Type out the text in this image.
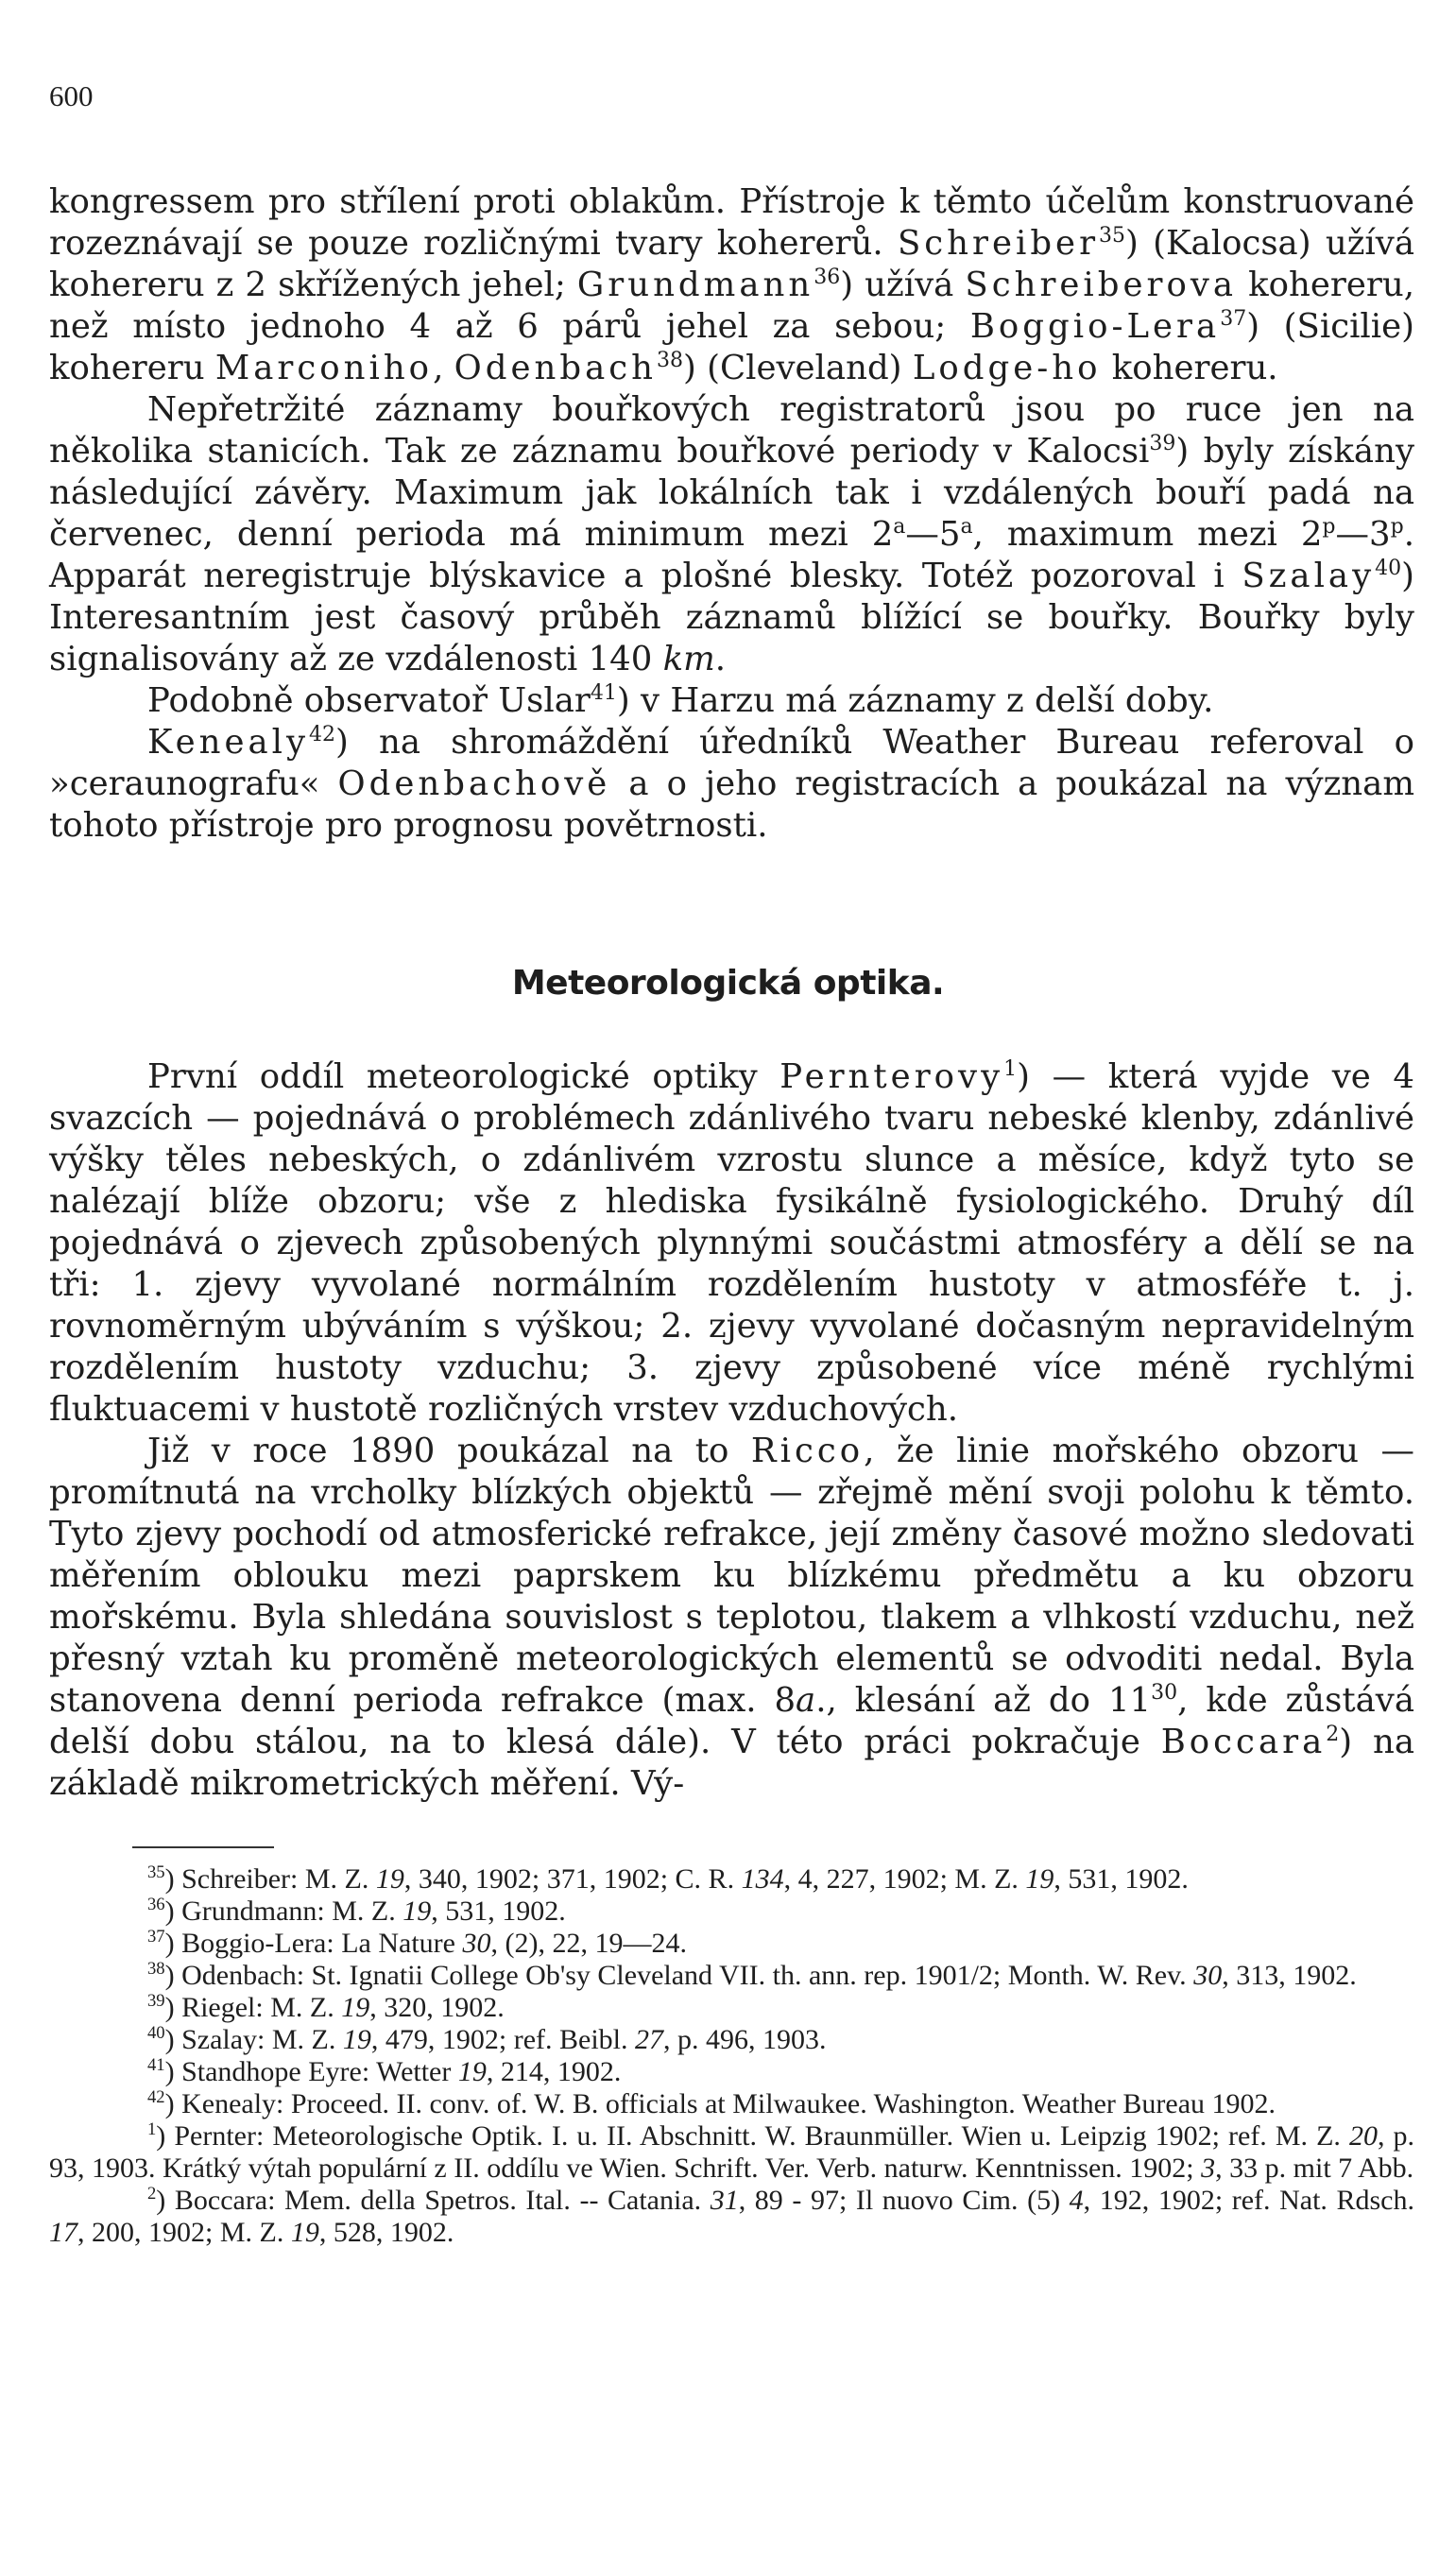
600

kongressem pro střílení proti oblakům. Přístroje k těmto účelům konstruované rozeznávají se pouze rozličnými tvary kohererů. Schreiber$^{35}$) (Kalocsa) užívá kohereru z 2 skřížených jehel; Grundmann$^{36}$) užívá Schreiberova kohereru, než místo jednoho 4 až 6 párů jehel za sebou; Boggio-Lera$^{37}$) (Sicilie) kohereru Marconiho, Odenbach$^{38}$) (Cleveland) Lodge-ho kohereru.

Nepřetržité záznamy bouřkových registratorů jsou po ruce jen na několika stanicích. Tak ze záznamu bouřkové periody v Kalocsi$^{39}$) byly získány následující závěry. Maximum jak lokálních tak i vzdálených bouří padá na červenec, denní perioda má minimum mezi 2$^a$—5$^a$, maximum mezi 2$^p$—3$^p$. Apparát neregistruje blýskavice a plošné blesky. Totéž pozoroval i Szalay$^{40}$) Interesantním jest časový průběh záznamů blížící se bouřky. Bouřky byly signalisovány až ze vzdálenosti 140 km.

Podobně observatoř Uslar$^{41}$) v Harzu má záznamy z delší doby.

Kenealy$^{42}$) na shromáždění úředníků Weather Bureau referoval o »ceraunografu« Odenbachově a o jeho registracích a poukázal na význam tohoto přístroje pro prognosu povětrnosti.

Meteorologická optika.

První oddíl meteorologické optiky Pernterovy$^1$) — která vyjde ve 4 svazcích — pojednává o problémech zdánlivého tvaru nebeské klenby, zdánlivé výšky těles nebeských, o zdánlivém vzrostu slunce a měsíce, když tyto se nalézají blíže obzoru; vše z hlediska fysikálně fysiologického. Druhý díl pojednává o zjevech způsobených plynnými součástmi atmosféry a dělí se na tři: 1. zjevy vyvolané normálním rozdělením hustoty v atmosféře t. j. rovnoměrným ubýváním s výškou; 2. zjevy vyvolané dočasným nepravidelným rozdělením hustoty vzduchu; 3. zjevy způsobené více méně rychlými fluktuacemi v hustotě rozličných vrstev vzduchových.

Již v roce 1890 poukázal na to Ricco, že linie mořského obzoru — promítnutá na vrcholky blízkých objektů — zřejmě mění svoji polohu k těmto. Tyto zjevy pochodí od atmosferické refrakce, její změny časové možno sledovati měřením oblouku mezi paprskem ku blízkému předmětu a ku obzoru mořskému. Byla shledána souvislost s teplotou, tlakem a vlhkostí vzduchu, než přesný vztah ku proměně meteorologických elementů se odvoditi nedal. Byla stanovena denní perioda refrakce (max. 8a., klesání až do $11^{30}$, kde zůstává delší dobu stálou, na to klesá dále). V této práci pokračuje Boccara$^2$) na základě mikrometrických měření. Vý-

$^{35}$) Schreiber: M. Z. 19, 340, 1902; 371, 1902; C. R. 134, 4, 227, 1902; M. Z. 19, 531, 1902.

$^{36}$) Grundmann: M. Z. 19, 531, 1902.

$^{37}$) Boggio-Lera: La Nature 30, (2), 22, 19—24.

$^{38}$) Odenbach: St. Ignatii College Ob'sy Cleveland VII. th. ann. rep. 1901/2; Month. W. Rev. 30, 313, 1902.

$^{39}$) Riegel: M. Z. 19, 320, 1902.

$^{40}$) Szalay: M. Z. 19, 479, 1902; ref. Beibl. 27, p. 496, 1903.

$^{41}$) Standhope Eyre: Wetter 19, 214, 1902.

$^{42}$) Kenealy: Proceed. II. conv. of. W. B. officials at Milwaukee. Washington. Weather Bureau 1902.

$^1$) Pernter: Meteorologische Optik. I. u. II. Abschnitt. W. Braunmüller. Wien u. Leipzig 1902; ref. M. Z. 20, p. 93, 1903. Krátký výtah populární z II. oddílu ve Wien. Schrift. Ver. Verb. naturw. Kenntnissen. 1902; 3, 33 p. mit 7 Abb.

$^2$) Boccara: Mem. della Spetros. Ital. -- Catania. 31, 89 - 97; Il nuovo Cim. (5) 4, 192, 1902; ref. Nat. Rdsch. 17, 200, 1902; M. Z. 19, 528, 1902.
